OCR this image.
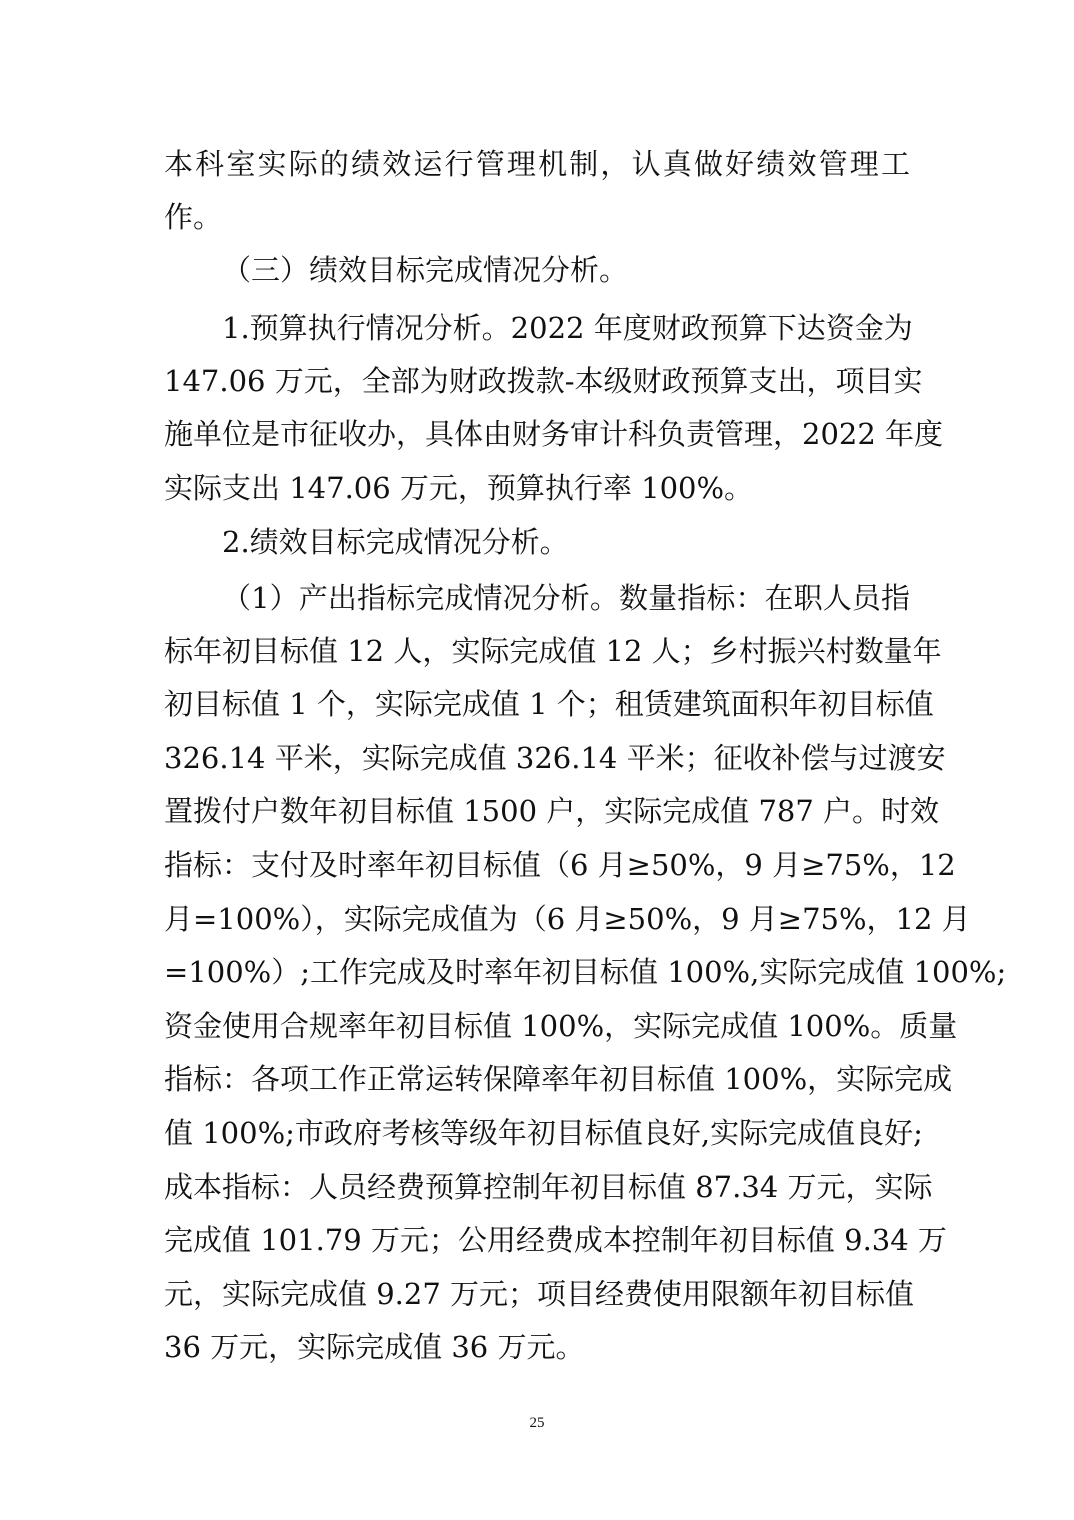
本科室实际的绩效运行管理机制，认真做好绩效管理工
作。
（三）绩效目标完成情况分析。
1.预算执行情况分析。2022 年度财政预算下达资金为
147.06 万元，全部为财政拨款-本级财政预算支出，项目实
施单位是市征收办，具体由财务审计科负责管理，2022 年度
实际支出 147.06 万元，预算执行率 100%。
2.绩效目标完成情况分析。
（1）产出指标完成情况分析。数量指标：在职人员指
标年初目标值 12 人，实际完成值 12 人；乡村振兴村数量年
初目标值 1 个，实际完成值 1 个；租赁建筑面积年初目标值
326.14 平米，实际完成值 326.14 平米；征收补偿与过渡安
置拨付户数年初目标值 1500 户，实际完成值 787 户。时效
指标：支付及时率年初目标值（6 月≥50%，9 月≥75%，12
月=100%），实际完成值为（6 月≥50%，9 月≥75%，12 月
=100%）;工作完成及时率年初目标值 100%,实际完成值 100%;
资金使用合规率年初目标值 100%，实际完成值 100%。质量
指标：各项工作正常运转保障率年初目标值 100%，实际完成
值 100%;市政府考核等级年初目标值良好,实际完成值良好;
成本指标：人员经费预算控制年初目标值 87.34 万元，实际
完成值 101.79 万元；公用经费成本控制年初目标值 9.34 万
元，实际完成值 9.27 万元；项目经费使用限额年初目标值
36 万元，实际完成值 36 万元。
25
